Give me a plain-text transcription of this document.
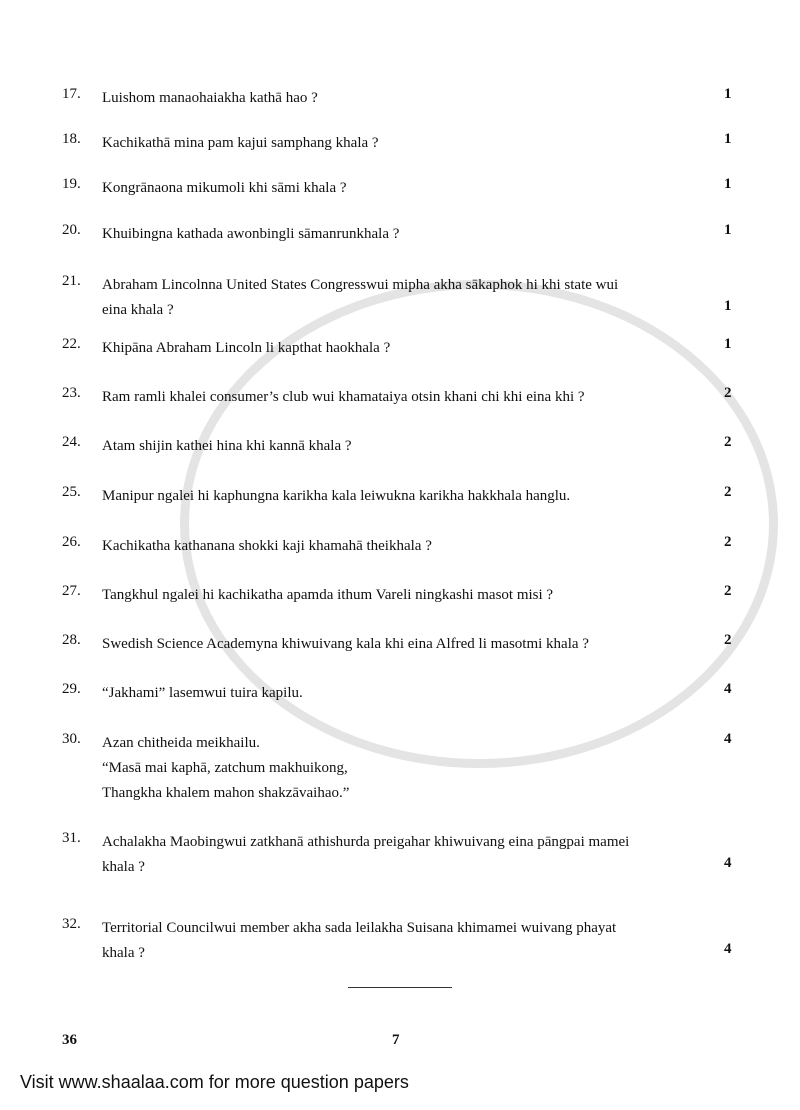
17. Luishom manaohaiakha kathā hao ?	1
18. Kachikathā mina pam kajui samphang khala ?	1
19. Kongrānaona mikumoli khi sāmi khala ?	1
20. Khuibingna kathada awonbingli sāmanrunkhala ?	1
21. Abraham Lincolnna United States Congresswui mipha akha sākaphok hi khi state wui
eina khala ?	1
22. Khipāna Abraham Lincoln li kapthat haokhala ?	1
23. Ram ramli khalei consumer’s club wui khamataiya otsin khani chi khi eina khi ?	2
24. Atam shijin kathei hina khi kannā khala ?	2
25. Manipur ngalei hi kaphungna karikha kala leiwukna karikha hakkhala hanglu.	2
26. Kachikatha kathanana shokki kaji khamahā theikhala ?	2
27. Tangkhul ngalei hi kachikatha apamda ithum Vareli ningkashi masot misi ?	2
28. Swedish Science Academyna khiwuivang kala khi eina Alfred li masotmi khala ?	2
29. “Jakhami” lasemwui tuira kapilu.	4
30. Azan chitheida meikhailu.
“Masā mai kaphā, zatchum makhuikong,
Thangkha khalem mahon shakzāvaihao.”
4
31. Achalakha Maobingwui zatkhanā athishurda preigahar khiwuivang eina pāngpai mamei
khala ?	4
32. Territorial Councilwui member akha sada leilakha Suisana khimamei wuivang phayat
khala ?	4
36	7
Visit www.shaalaa.com for more question papers
